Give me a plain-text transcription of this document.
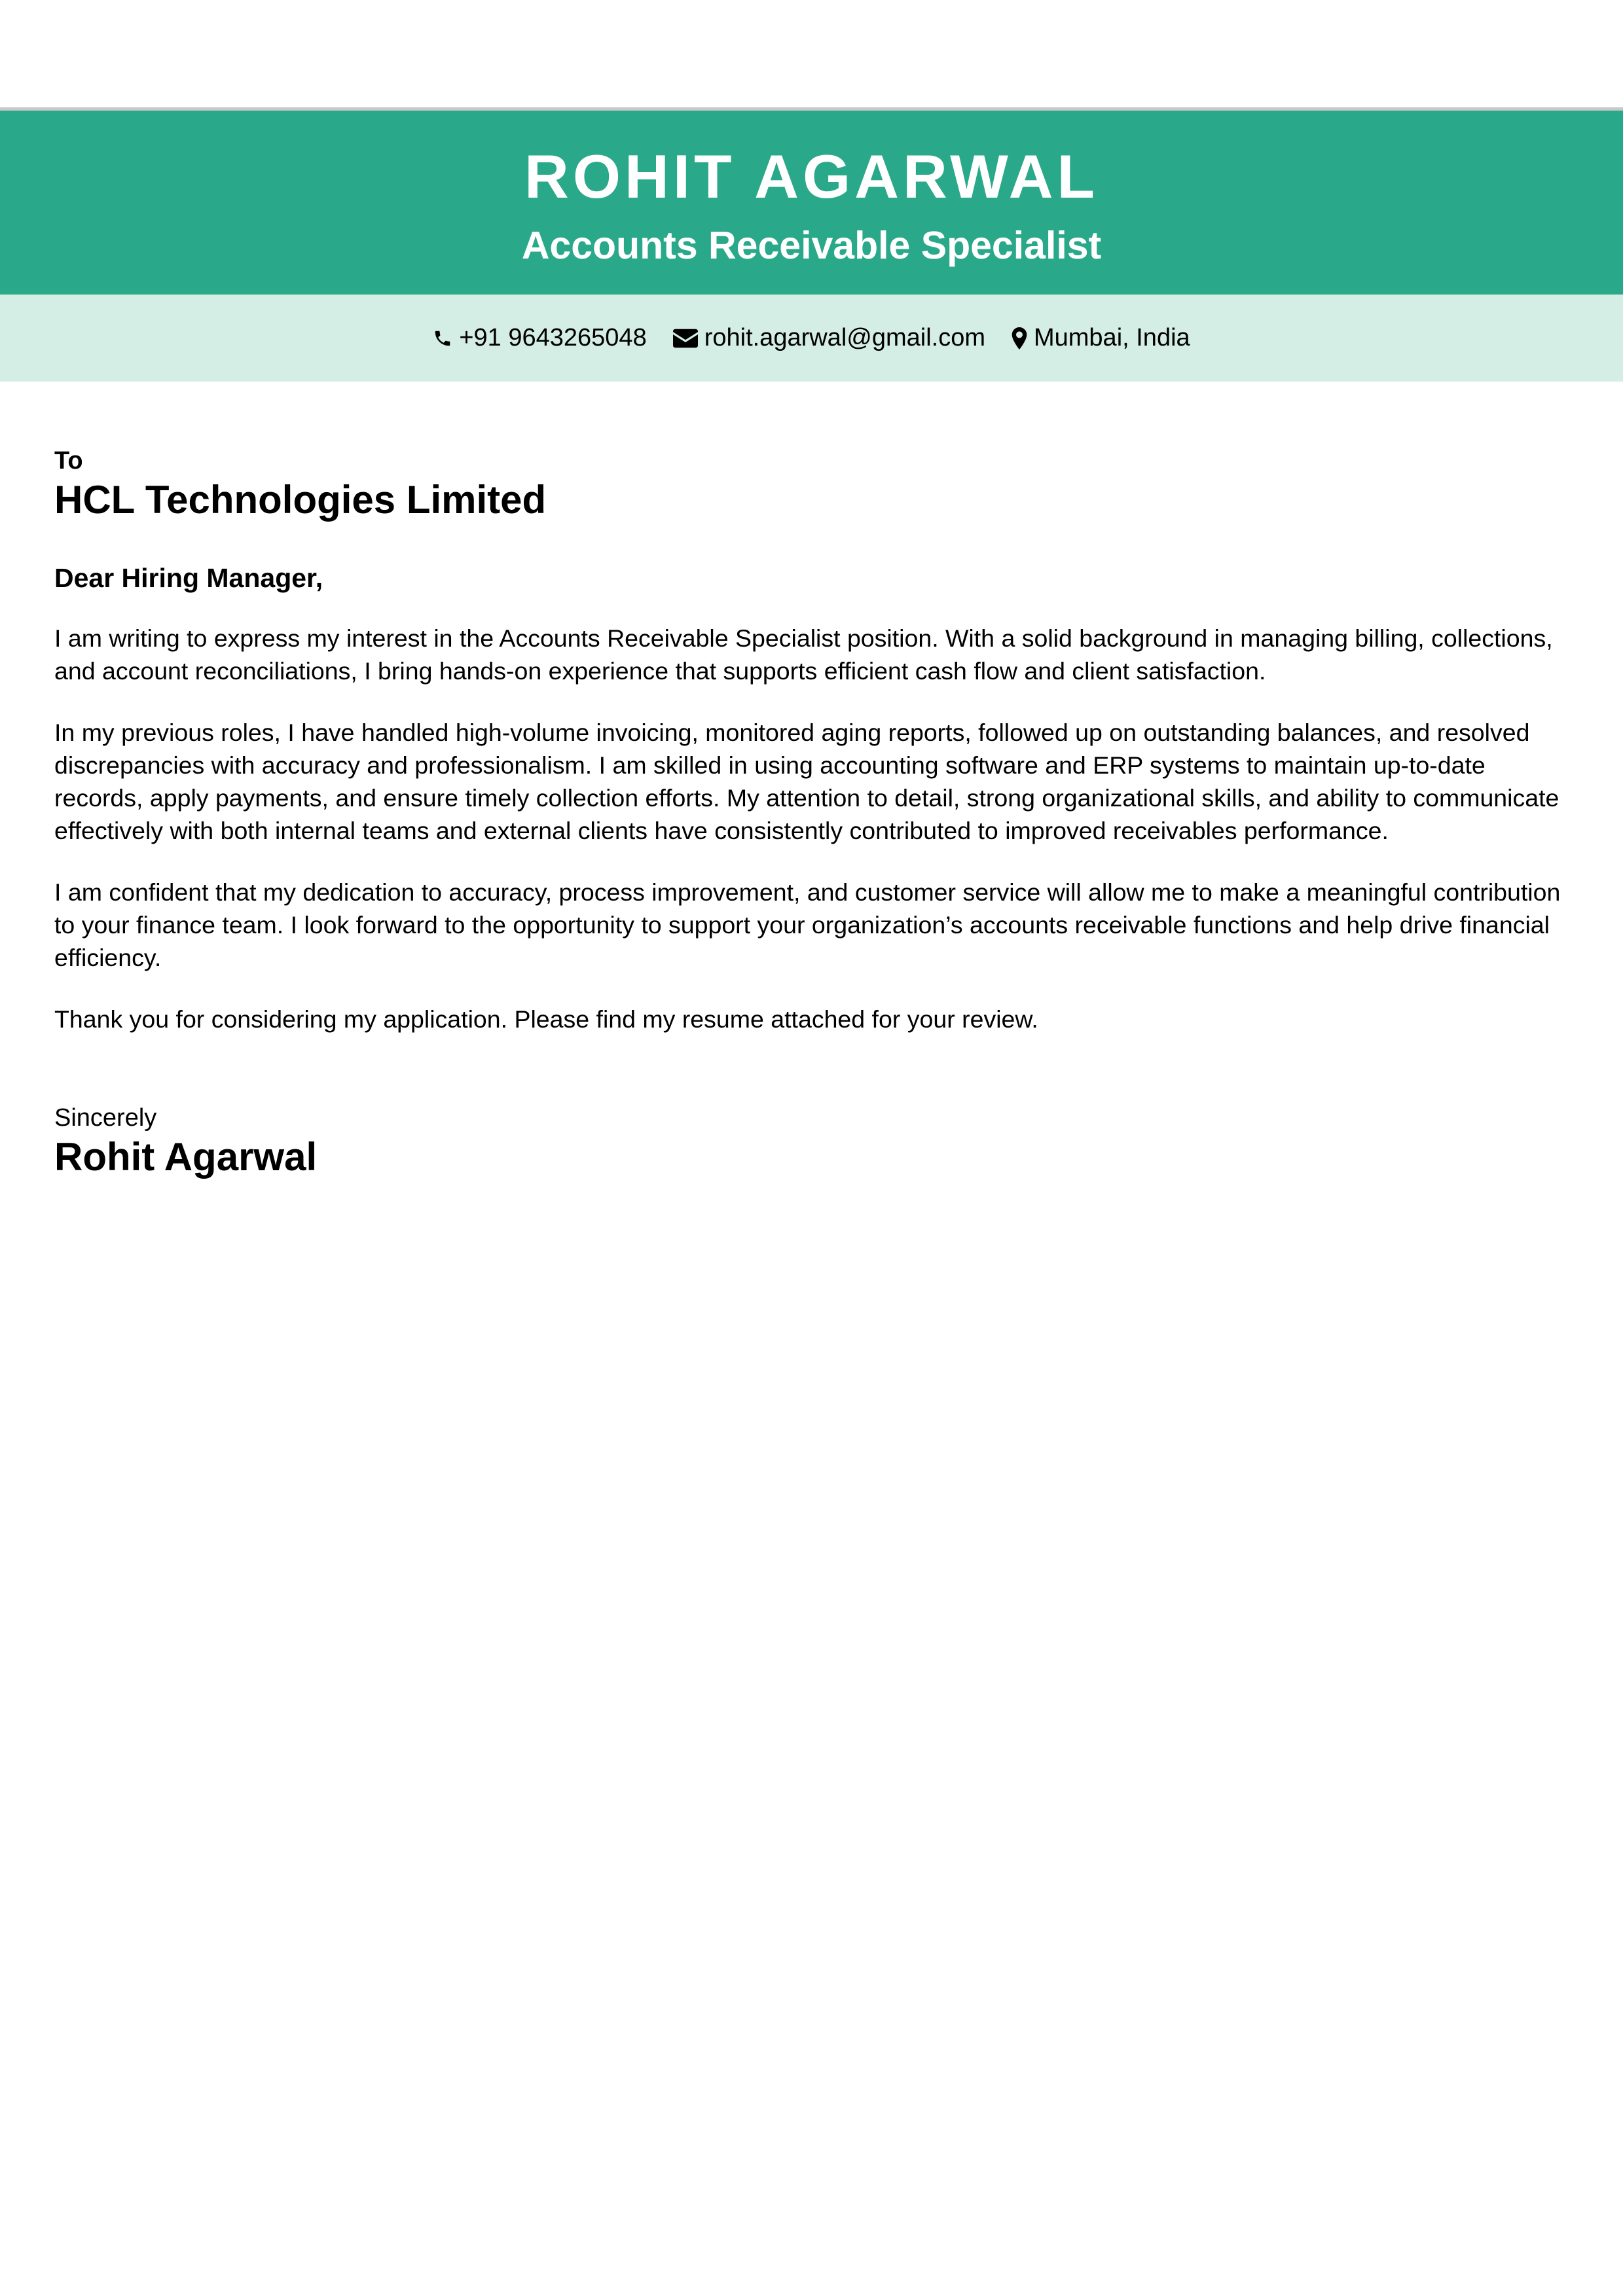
ROHIT AGARWAL
Accounts Receivable Specialist
+91 9643265048 rohit.agarwal@gmail.com Mumbai, India
To
HCL Technologies Limited
Dear Hiring Manager,

I am writing to express my interest in the Accounts Receivable Specialist position. With a solid background in managing billing, collections, and account reconciliations, I bring hands-on experience that supports efficient cash flow and client satisfaction.

In my previous roles, I have handled high-volume invoicing, monitored aging reports, followed up on outstanding balances, and resolved discrepancies with accuracy and professionalism. I am skilled in using accounting software and ERP systems to maintain up-to-date records, apply payments, and ensure timely collection efforts. My attention to detail, strong organizational skills, and ability to communicate effectively with both internal teams and external clients have consistently contributed to improved receivables performance.

I am confident that my dedication to accuracy, process improvement, and customer service will allow me to make a meaningful contribution to your finance team. I look forward to the opportunity to support your organization’s accounts receivable functions and help drive financial efficiency.

Thank you for considering my application. Please find my resume attached for your review.

Sincerely
Rohit Agarwal
